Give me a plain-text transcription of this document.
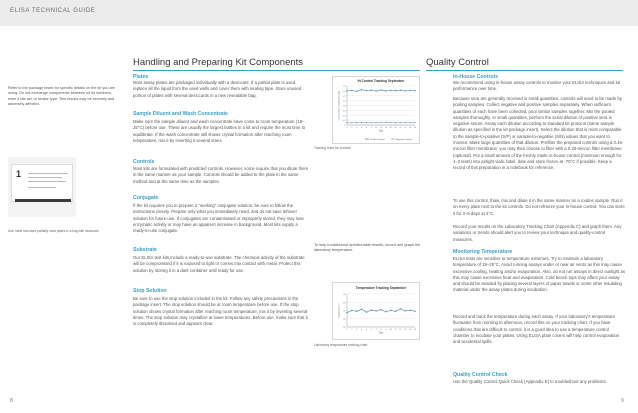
ELISA TECHNICAL GUIDE
Refer to the package insert for specific details on the kit you are using. Do not exchange components between kit lot numbers, even if kits are of similar type. Test results may be severely and adversely affected.
1
Use: label and store partially used plates in a bag with desiccant
Handling and Preparing Kit Components
Plates
Most assay plates are packaged individually with a desiccant. If a partial plate is used, replace all the liquid from the used wells and cover them with sealing tape. Store unused portion of plates with several desiccants in a new resealable bag.
Sample Diluent and Wash Concentrate
Make sure the sample diluent and wash concentrate have come to room temperature (18–25°C) before use. These are usually the largest bottles in a kit and require the most time to equilibrate. If the wash concentrate still shows crystal formation after reaching room temperature, mix it by inverting it several times.
Controls
Most kits are formulated with predicted controls. However, some require that you dilute them in the same manner as your sample. Controls should be added to the plate in the same method and at the same time as the samples.
Conjugate
If the kit requires you to prepare a "working" conjugate solution, be sure to follow the instructions closely. Prepare only what you immediately need, and do not save leftover solution for future use. If conjugates are contaminated or improperly stored, they may lose enzymatic activity or may have an apparent increase in background. Most kits supply a ready-to-use conjugate.
Substrate
Our ELISA test kits include a ready-to-use substrate. The chemical activity of the substrate will be compromised if it is exposed to light or comes into contact with metal. Protect this solution by storing it in a dark container until ready for use.
Stop Solution
Be sure to use the stop solution included in the kit. Follow any safety precautions in the package insert. The stop solution should be at room temperature before use. If the stop solution shows crystal formation after reaching room temperature, mix it by inverting several times. The stop solution may crystallize at lower temperatures. Before use, make sure that it is completely dissolved and appears clear.
IH Control Tracking September
0
0.2
0.4
0.6
0.8
1.0
1.2
1.4
1.6
1	2	3	4	6	8	10	12	14	16	18	20	22	24	26
Day
Control Values (Optical Density)
Positive Control	Negative Control
Tracking chart for controls
To help troubleshoot questionable results, record and graph the laboratory temperature.
Temperature Tracking September
18
20
22
24
26
1	2	3	4	5	6	7	8	9	10	11	12	13	14	15
Day
Temperature °C
Laboratory temperature tracking chart
Quality Control
In-House Controls
We recommend using in-house assay controls to monitor your ELISA techniques and kit performance over time.
Because sera are generally received in small quantities, controls will need to be made by pooling samples. Collect negative and positive samples separately. When sufficient quantities of each have been collected, pool similar samples together. Mix the pooled samples thoroughly. In small quantities, perform the serial dilution of positive sera in negative serum. Assay each dilution according to standard kit protocol (same sample dilution as specified in the kit package insert). Select the dilution that is most comparable to the sample-to-positive (S/P) or sample-to-negative (S/N) values that you want to monitor. Make large quantities of that dilution. Prefilter the prepared controls using a 0.45-micron filter membrane; you may then choose to filter with a 0.20-micron filter membrane (optional). Put a small amount of the freshly made in-house control (minimum enough for 1–2 tests) into airtight vials, label, date and store frozen at -70°C if possible. Keep a record of this preparation in a notebook for reference.
To use this control, thaw, mix and dilute it in the same manner as a routine sample. Run it on every plate next to the kit controls. Do not refreeze your in-house control. You can store it for 3–5 days at 4°C.
Record your results on the Laboratory Tracking Chart (Appendix C) and graph them. Any variations or trends should alert you to review your technique and quality-control measures.
Monitoring Temperature
ELISA tests are sensitive to temperature extremes. Try to maintain a laboratory temperature of 18–25°C. Avoid running assays under or near air vents as this may cause excessive cooling, heating and/or evaporation. Also, do not run assays in direct sunlight as this may cause excessive heat and evaporation. Cold bench tops may affect your assay and should be avoided by placing several layers of paper towels or some other insulating material under the assay plates during incubation.
Record and track the temperature during each assay. If your laboratory's temperature fluctuates from morning to afternoon, record this on your tracking chart. If you have conditions that are difficult to control, it is a good idea to use a temperature control chamber to incubate your plates. Using ELISA plate covers will help control evaporation and accidental spills.
Quality Control Check
Use the Quality Control Quick Check (Appendix E) to troubleshoot any problems.
8	9
